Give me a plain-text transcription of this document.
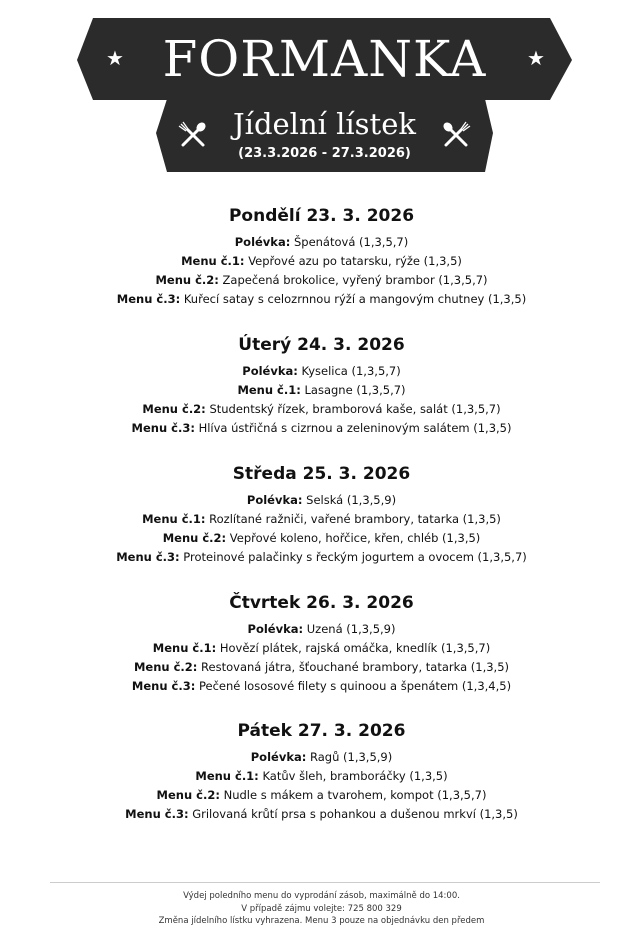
★	★
FORMANKA
Jídelní lístek
(23.3.2026 - 27.3.2026)
Pondělí 23. 3. 2026
Polévka: Špenátová (1,3,5,7)
Menu č.1: Vepřové azu po tatarsku, rýže (1,3,5)
Menu č.2: Zapečená brokolice, vyřený brambor (1,3,5,7)
Menu č.3: Kuřecí satay s celozrnnou rýží a mangovým chutney (1,3,5)
Úterý 24. 3. 2026
Polévka: Kyselica (1,3,5,7)
Menu č.1: Lasagne (1,3,5,7)
Menu č.2: Studentský řízek, bramborová kaše, salát (1,3,5,7)
Menu č.3: Hlíva ústřičná s cizrnou a zeleninovým salátem (1,3,5)
Středa 25. 3. 2026
Polévka: Selská (1,3,5,9)
Menu č.1: Rozlítané ražniči, vařené brambory, tatarka (1,3,5)
Menu č.2: Vepřové koleno, hořčice, křen, chléb (1,3,5)
Menu č.3: Proteinové palačinky s řeckým jogurtem a ovocem (1,3,5,7)
Čtvrtek 26. 3. 2026
Polévka: Uzená (1,3,5,9)
Menu č.1: Hovězí plátek, rajská omáčka, knedlík (1,3,5,7)
Menu č.2: Restovaná játra, šťouchané brambory, tatarka (1,3,5)
Menu č.3: Pečené lososové filety s quinoou a špenátem (1,3,4,5)
Pátek 27. 3. 2026
Polévka: Ragů (1,3,5,9)
Menu č.1: Katův šleh, bramboráčky (1,3,5)
Menu č.2: Nudle s mákem a tvarohem, kompot (1,3,5,7)
Menu č.3: Grilovaná krůtí prsa s pohankou a dušenou mrkví (1,3,5)
Výdej poledního menu do vyprodání zásob, maximálně do 14:00.
V případě zájmu volejte: 725 800 329
Změna jídelního lístku vyhrazena. Menu 3 pouze na objednávku den předem
